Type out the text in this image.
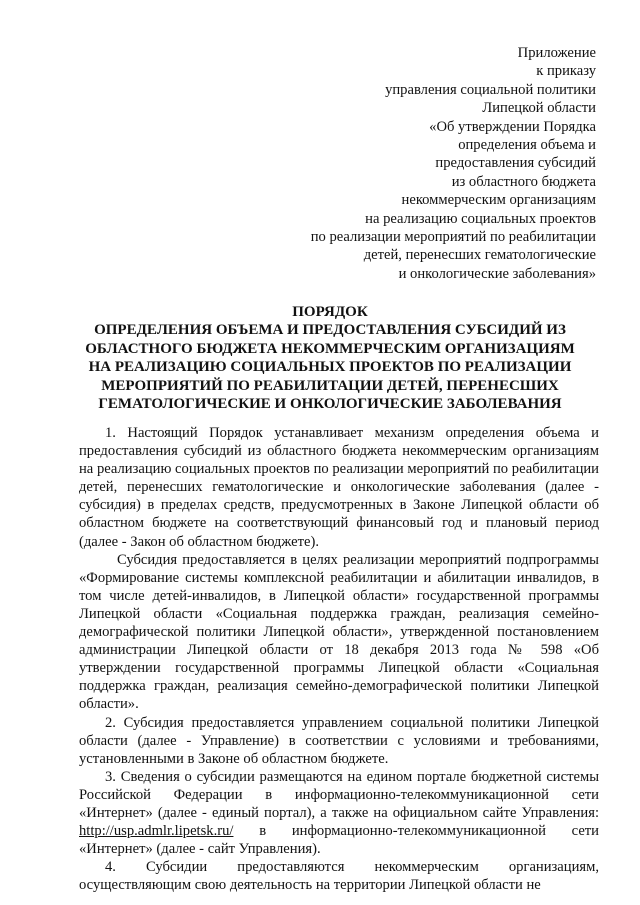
Приложение
к приказу
управления социальной политики
Липецкой области
«Об утверждении Порядка
определения объема и
предоставления субсидий
из областного бюджета
некоммерческим организациям
на реализацию социальных проектов
по реализации мероприятий по реабилитации
детей, перенесших гематологические
и онкологические заболевания»
ПОРЯДОК
ОПРЕДЕЛЕНИЯ ОБЪЕМА И ПРЕДОСТАВЛЕНИЯ СУБСИДИЙ ИЗ
ОБЛАСТНОГО БЮДЖЕТА НЕКОММЕРЧЕСКИМ ОРГАНИЗАЦИЯМ
НА РЕАЛИЗАЦИЮ СОЦИАЛЬНЫХ ПРОЕКТОВ ПО РЕАЛИЗАЦИИ
МЕРОПРИЯТИЙ ПО РЕАБИЛИТАЦИИ ДЕТЕЙ, ПЕРЕНЕСШИХ
ГЕМАТОЛОГИЧЕСКИЕ И ОНКОЛОГИЧЕСКИЕ ЗАБОЛЕВАНИЯ

1. Настоящий Порядок устанавливает механизм определения объема и предоставления субсидий из областного бюджета некоммерческим организациям на реализацию социальных проектов по реализации мероприятий по реабилитации детей, перенесших гематологические и онкологические заболевания (далее - субсидия) в пределах средств, предусмотренных в Законе Липецкой области об областном бюджете на соответствующий финансовый год и плановый период (далее - Закон об областном бюджете).

Субсидия предоставляется в целях реализации мероприятий подпрограммы «Формирование системы комплексной реабилитации и абилитации инвалидов, в том числе детей-инвалидов, в Липецкой области» государственной программы Липецкой области «Социальная поддержка граждан, реализация семейно-демографической политики Липецкой области», утвержденной постановлением администрации Липецкой области от 18 декабря 2013 года № 598 «Об утверждении государственной программы Липецкой области «Социальная поддержка граждан, реализация семейно-демографической политики Липецкой области».

2. Субсидия предоставляется управлением социальной политики Липецкой области (далее - Управление) в соответствии с условиями и требованиями, установленными в Законе об областном бюджете.

3. Сведения о субсидии размещаются на едином портале бюджетной системы Российской Федерации в информационно-телекоммуникационной сети «Интернет» (далее - единый портал), а также на официальном сайте Управления: http://usp.admlr.lipetsk.ru/ в информационно-телекоммуникационной сети «Интернет» (далее - сайт Управления).

4. Субсидии предоставляются некоммерческим организациям, осуществляющим свою деятельность на территории Липецкой области не
